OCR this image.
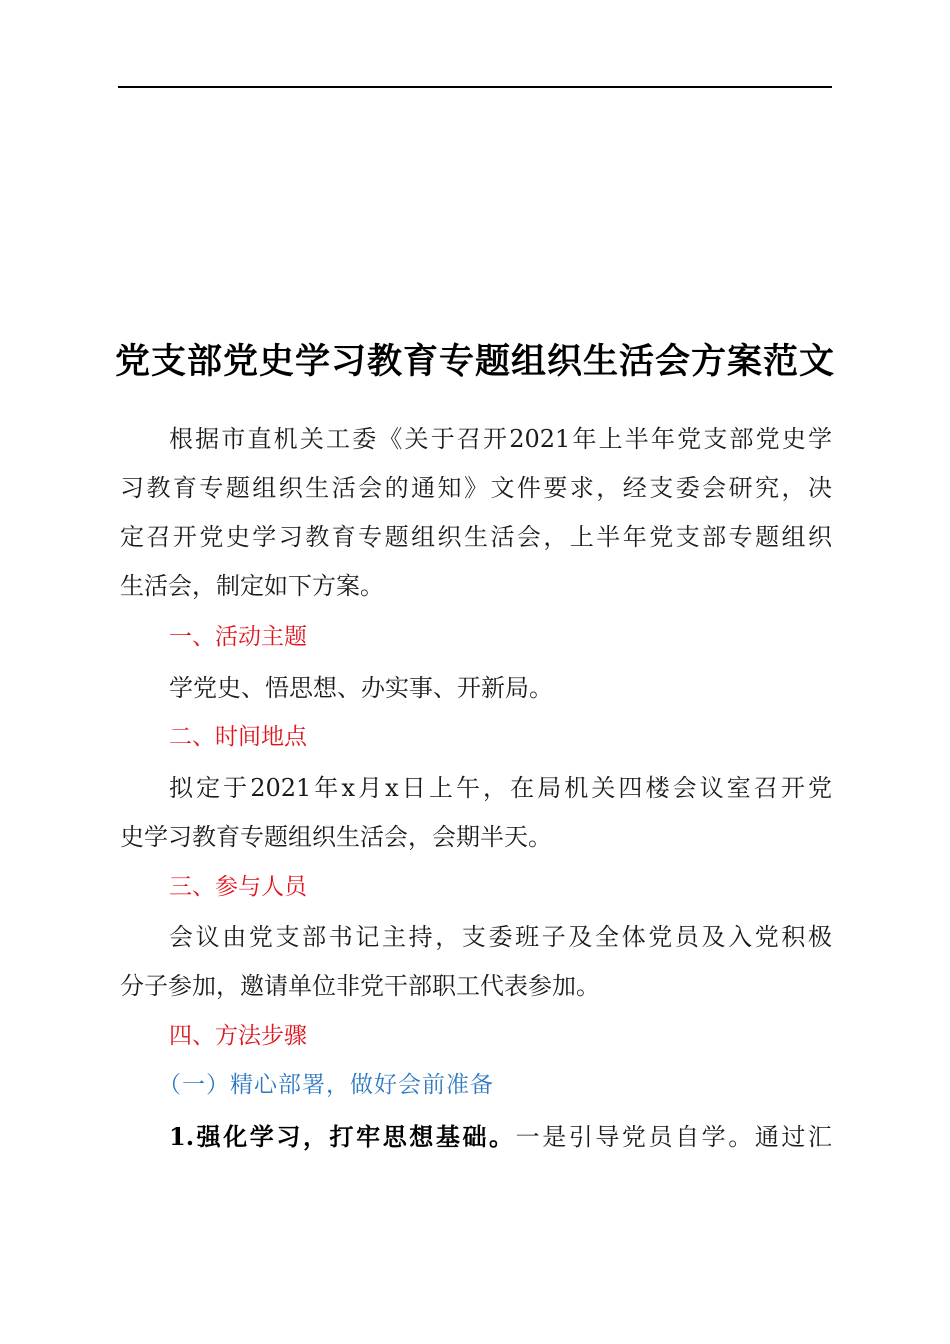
党支部党史学习教育专题组织生活会方案范文
根据市直机关工委《关于召开2021年上半年党支部党史学
习教育专题组织生活会的通知》文件要求，经支委会研究，决
定召开党史学习教育专题组织生活会，上半年党支部专题组织
生活会，制定如下方案。
一、活动主题
学党史、悟思想、办实事、开新局。
二、时间地点
拟定于2021年x月x日上午，在局机关四楼会议室召开党
史学习教育专题组织生活会，会期半天。
三、参与人员
会议由党支部书记主持，支委班子及全体党员及入党积极
分子参加，邀请单位非党干部职工代表参加。
四、方法步骤
（一）精心部署，做好会前准备
1.强化学习，打牢思想基础。一是引导党员自学。通过汇
